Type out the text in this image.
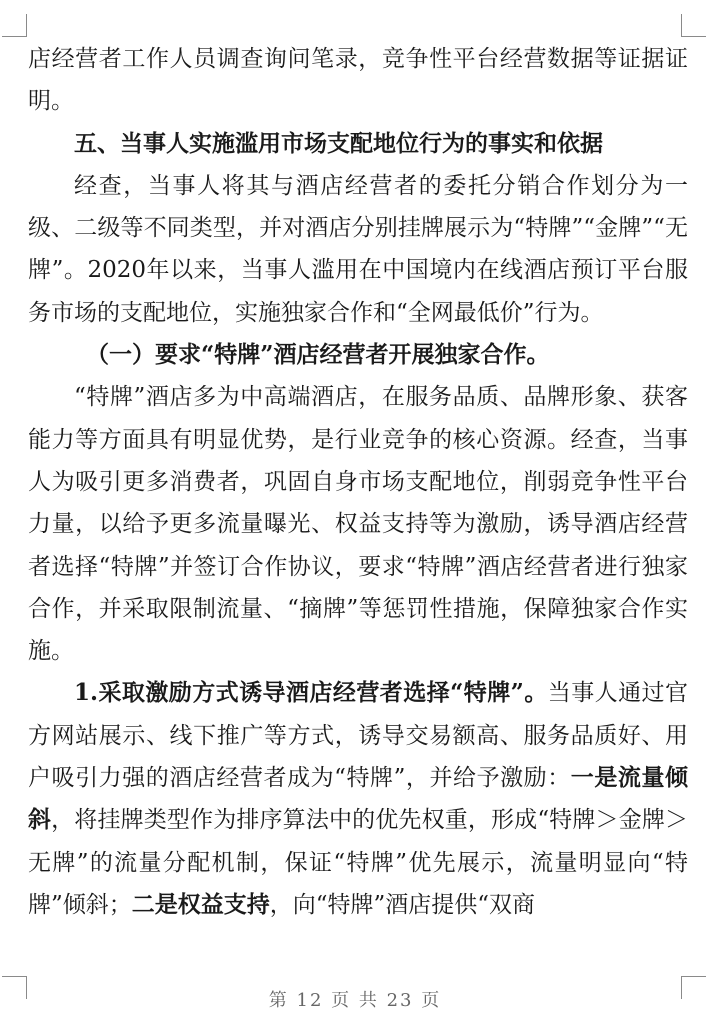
店经营者工作人员调查询问笔录，竞争性平台经营数据等证据证明。

五、当事人实施滥用市场支配地位行为的事实和依据

经查，当事人将其与酒店经营者的委托分销合作划分为一级、二级等不同类型，并对酒店分别挂牌展示为“特牌”“金牌”“无牌”。2020年以来，当事人滥用在中国境内在线酒店预订平台服务市场的支配地位，实施独家合作和“全网最低价”行为。

（一）要求“特牌”酒店经营者开展独家合作。

“特牌”酒店多为中高端酒店，在服务品质、品牌形象、获客能力等方面具有明显优势，是行业竞争的核心资源。经查，当事人为吸引更多消费者，巩固自身市场支配地位，削弱竞争性平台力量，以给予更多流量曝光、权益支持等为激励，诱导酒店经营者选择“特牌”并签订合作协议，要求“特牌”酒店经营者进行独家合作，并采取限制流量、“摘牌”等惩罚性措施，保障独家合作实施。

1.采取激励方式诱导酒店经营者选择“特牌”。当事人通过官方网站展示、线下推广等方式，诱导交易额高、服务品质好、用户吸引力强的酒店经营者成为“特牌”，并给予激励：一是流量倾斜，将挂牌类型作为排序算法中的优先权重，形成“特牌＞金牌＞无牌”的流量分配机制，保证“特牌”优先展示，流量明显向“特牌”倾斜；二是权益支持，向“特牌”酒店提供“双商

第 12 页 共 23 页
